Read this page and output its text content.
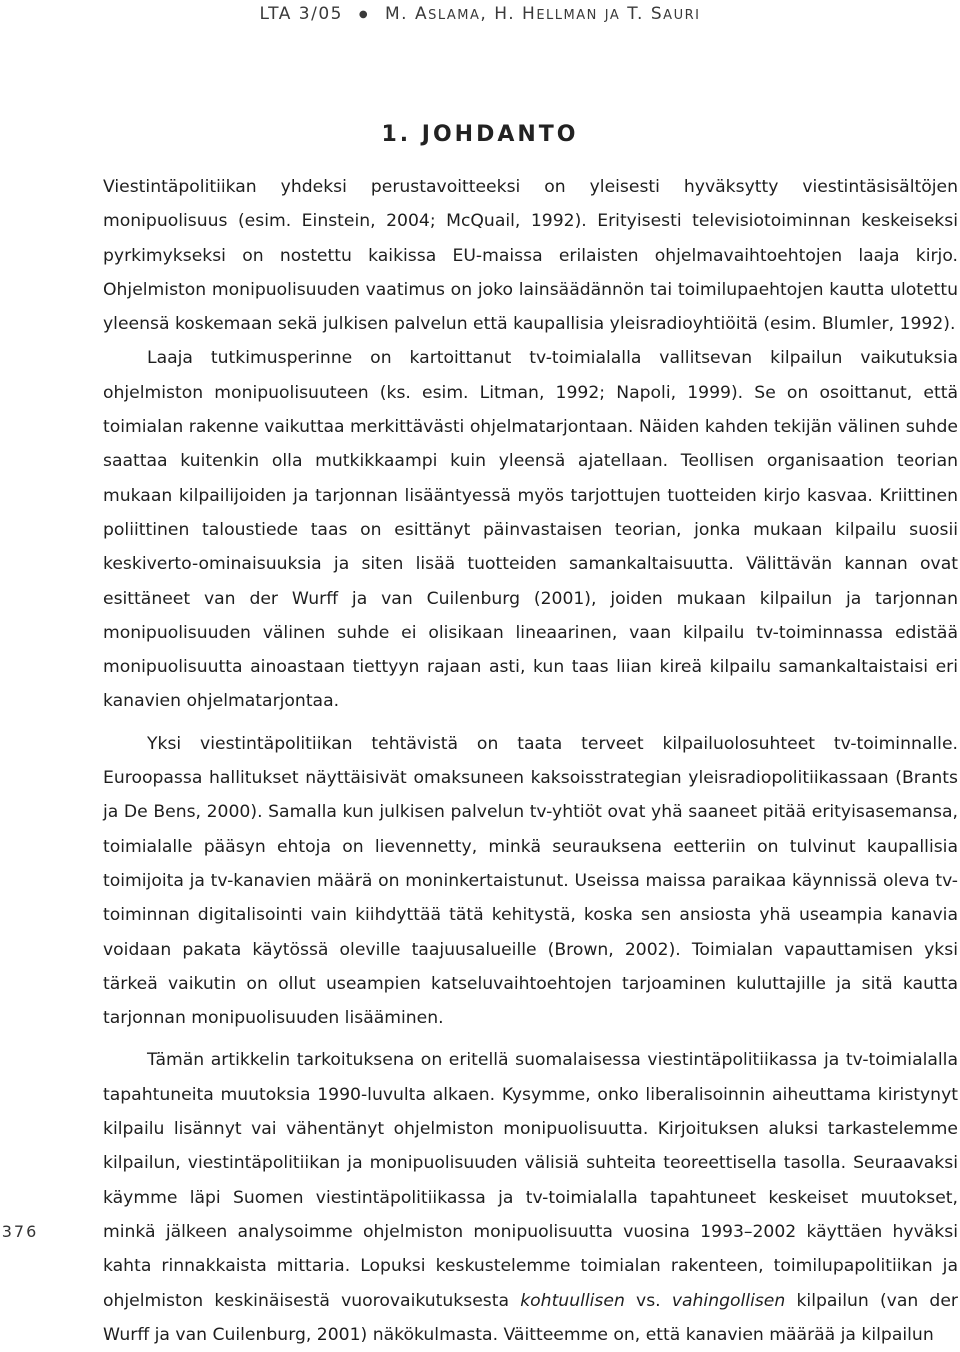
LTA 3/05 ● M. ASLAMA, H. HELLMAN JA T. SAURI
1. JOHDANTO

Viestintäpolitiikan yhdeksi perustavoitteeksi on yleisesti hyväksytty viestintäsisältöjen monipuolisuus (esim. Einstein, 2004; McQuail, 1992). Erityisesti televisiotoiminnan keskeiseksi pyrkimykseksi on nostettu kaikissa EU-maissa erilaisten ohjelmavaihtoehtojen laaja kirjo. Ohjelmiston monipuolisuuden vaatimus on joko lainsäädännön tai toimilupaehtojen kautta ulotettu yleensä koskemaan sekä julkisen palvelun että kaupallisia yleisradioyhtiöitä (esim. Blumler, 1992).

Laaja tutkimusperinne on kartoittanut tv-toimialalla vallitsevan kilpailun vaikutuksia ohjelmiston monipuolisuuteen (ks. esim. Litman, 1992; Napoli, 1999). Se on osoittanut, että toimialan rakenne vaikuttaa merkittävästi ohjelmatarjontaan. Näiden kahden tekijän välinen suhde saattaa kuitenkin olla mutkikkaampi kuin yleensä ajatellaan. Teollisen organisaation teorian mukaan kilpailijoiden ja tarjonnan lisääntyessä myös tarjottujen tuotteiden kirjo kasvaa. Kriittinen poliittinen taloustiede taas on esittänyt päinvastaisen teorian, jonka mukaan kilpailu suosii keskiverto-ominaisuuksia ja siten lisää tuotteiden samankaltaisuutta. Välittävän kannan ovat esittäneet van der Wurff ja van Cuilenburg (2001), joiden mukaan kilpailun ja tarjonnan monipuolisuuden välinen suhde ei olisikaan lineaarinen, vaan kilpailu tv-toiminnassa edistää monipuolisuutta ainoastaan tiettyyn rajaan asti, kun taas liian kireä kilpailu samankaltaistaisi eri kanavien ohjelmatarjontaa.

Yksi viestintäpolitiikan tehtävistä on taata terveet kilpailuolosuhteet tv-toiminnalle. Euroopassa hallitukset näyttäisivät omaksuneen kaksoisstrategian yleisradiopolitiikassaan (Brants ja De Bens, 2000). Samalla kun julkisen palvelun tv-yhtiöt ovat yhä saaneet pitää erityisasemansa, toimialalle pääsyn ehtoja on lievennetty, minkä seurauksena eetteriin on tulvinut kaupallisia toimijoita ja tv-kanavien määrä on moninkertaistunut. Useissa maissa paraikaa käynnissä oleva tv-toiminnan digitalisointi vain kiihdyttää tätä kehitystä, koska sen ansiosta yhä useampia kanavia voidaan pakata käytössä oleville taajuusalueille (Brown, 2002). Toimialan vapauttamisen yksi tärkeä vaikutin on ollut useampien katseluvaihtoehtojen tarjoaminen kuluttajille ja sitä kautta tarjonnan monipuolisuuden lisääminen.

Tämän artikkelin tarkoituksena on eritellä suomalaisessa viestintäpolitiikassa ja tv-toimialalla tapahtuneita muutoksia 1990-luvulta alkaen. Kysymme, onko liberalisoinnin aiheuttama kiristynyt kilpailu lisännyt vai vähentänyt ohjelmiston monipuolisuutta. Kirjoituksen aluksi tarkastelemme kilpailun, viestintäpolitiikan ja monipuolisuuden välisiä suhteita teoreettisella tasolla. Seuraavaksi käymme läpi Suomen viestintäpolitiikassa ja tv-toimialalla tapahtuneet keskeiset muutokset, minkä jälkeen analysoimme ohjelmiston monipuolisuutta vuosina 1993–2002 käyttäen hyväksi kahta rinnakkaista mittaria. Lopuksi keskustelemme toimialan rakenteen, toimilupapolitiikan ja ohjelmiston keskinäisestä vuorovaikutuksesta kohtuullisen vs. vahingollisen kilpailun (van der Wurff ja van Cuilenburg, 2001) näkökulmasta. Väitteemme on, että kanavien määrää ja kilpailun

376
